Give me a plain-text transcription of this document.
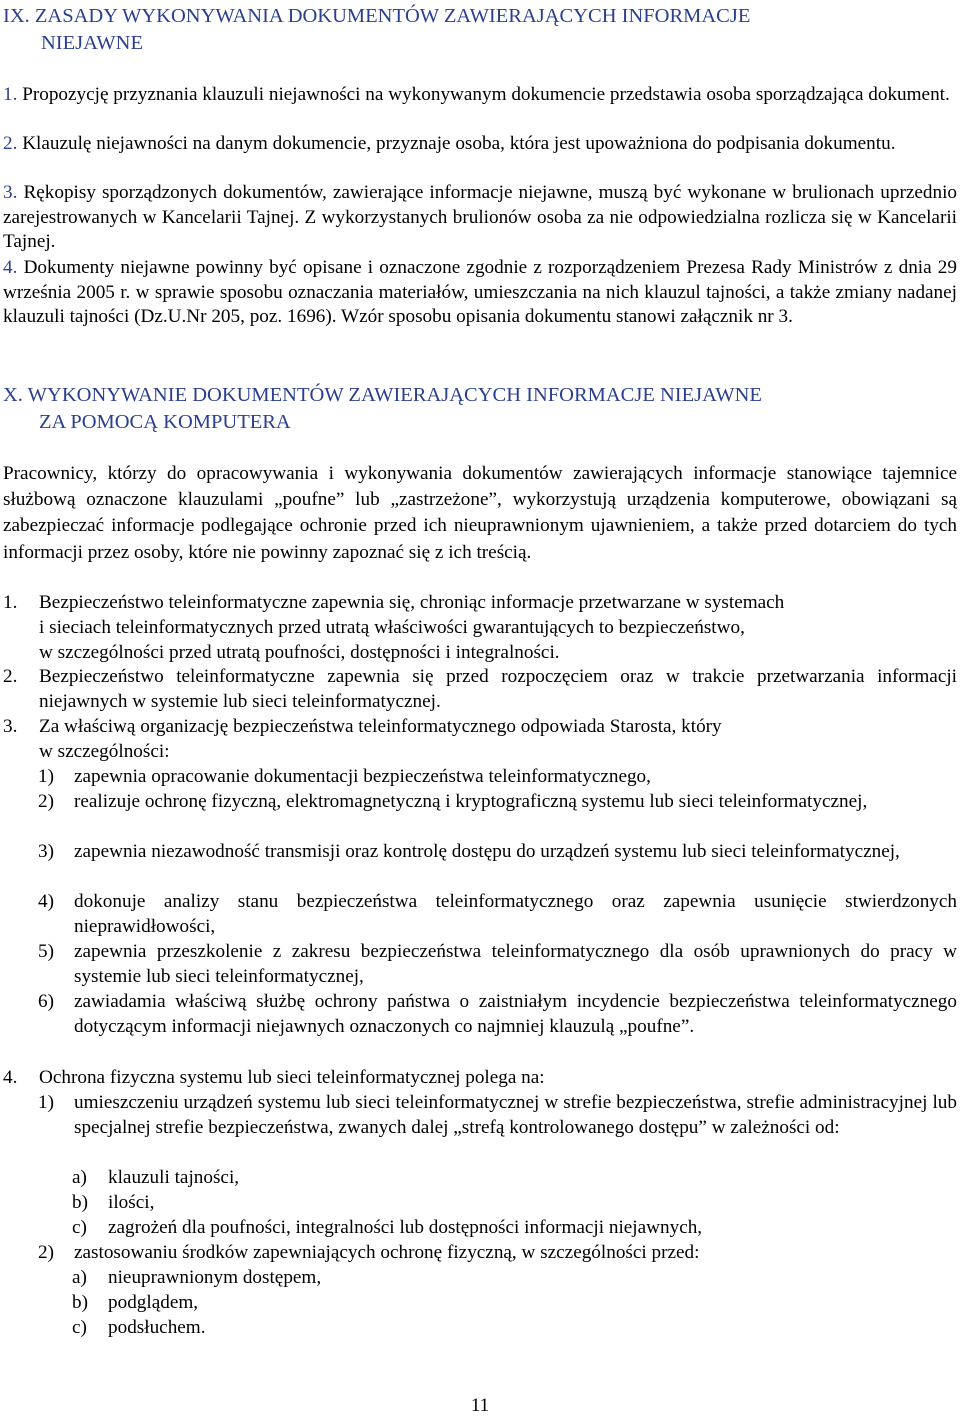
IX. ZASADY WYKONYWANIA DOKUMENTÓW ZAWIERAJĄCYCH INFORMACJE
NIEJAWNE
1. Propozycję przyznania klauzuli niejawności na wykonywanym dokumencie przedstawia osoba sporządzająca dokument.
2. Klauzulę niejawności na danym dokumencie, przyznaje osoba, która jest upoważniona do podpisania dokumentu.
3. Rękopisy sporządzonych dokumentów, zawierające informacje niejawne, muszą być wykonane w brulionach uprzednio zarejestrowanych w Kancelarii Tajnej. Z wykorzystanych brulionów osoba za nie odpowiedzialna rozlicza się w Kancelarii Tajnej.
4. Dokumenty niejawne powinny być opisane i oznaczone zgodnie z rozporządzeniem Prezesa Rady Ministrów z dnia 29 września 2005 r. w sprawie sposobu oznaczania materiałów, umieszczania na nich klauzul tajności, a także zmiany nadanej klauzuli tajności (Dz.U.Nr 205, poz. 1696). Wzór sposobu opisania dokumentu stanowi załącznik nr 3.
X. WYKONYWANIE DOKUMENTÓW ZAWIERAJĄCYCH INFORMACJE NIEJAWNE
ZA POMOCĄ KOMPUTERA
Pracownicy, którzy do opracowywania i wykonywania dokumentów zawierających informacje stanowiące tajemnice służbową oznaczone klauzulami „poufne” lub „zastrzeżone”, wykorzystują urządzenia komputerowe, obowiązani są zabezpieczać informacje podlegające ochronie przed ich nieuprawnionym ujawnieniem, a także przed dotarciem do tych informacji przez osoby, które nie powinny zapoznać się z ich treścią.
1. Bezpieczeństwo teleinformatyczne zapewnia się, chroniąc informacje przetwarzane w systemach
i sieciach teleinformatycznych przed utratą właściwości gwarantujących to bezpieczeństwo,
w szczególności przed utratą poufności, dostępności i integralności.
2.	Bezpieczeństwo teleinformatyczne zapewnia się przed rozpoczęciem oraz w trakcie przetwarzania informacji niejawnych w systemie lub sieci teleinformatycznej.
3. Za właściwą organizację bezpieczeństwa teleinformatycznego odpowiada Starosta, który
w szczególności:
1)	zapewnia opracowanie dokumentacji bezpieczeństwa teleinformatycznego,
2)	realizuje ochronę fizyczną, elektromagnetyczną i kryptograficzną systemu lub sieci teleinformatycznej,
3)	zapewnia niezawodność transmisji oraz kontrolę dostępu do urządzeń systemu lub sieci teleinformatycznej,
4)	dokonuje analizy stanu bezpieczeństwa teleinformatycznego oraz zapewnia usunięcie stwierdzonych nieprawidłowości,
5)	zapewnia przeszkolenie z zakresu bezpieczeństwa teleinformatycznego dla osób uprawnionych do pracy w systemie lub sieci teleinformatycznej,
6)	zawiadamia właściwą służbę ochrony państwa o zaistniałym incydencie bezpieczeństwa teleinformatycznego dotyczącym informacji niejawnych oznaczonych co najmniej klauzulą „poufne”.
4.	Ochrona fizyczna systemu lub sieci teleinformatycznej polega na:
1)	umieszczeniu urządzeń systemu lub sieci teleinformatycznej w strefie bezpieczeństwa, strefie administracyjnej lub specjalnej strefie bezpieczeństwa, zwanych dalej „strefą kontrolowanego dostępu” w zależności od:
a)	klauzuli tajności,
b)	ilości,
c)	zagrożeń dla poufności, integralności lub dostępności informacji niejawnych,
2)	zastosowaniu środków zapewniających ochronę fizyczną, w szczególności przed:
a)	nieuprawnionym dostępem,
b)	podglądem,
c)	podsłuchem.
11
